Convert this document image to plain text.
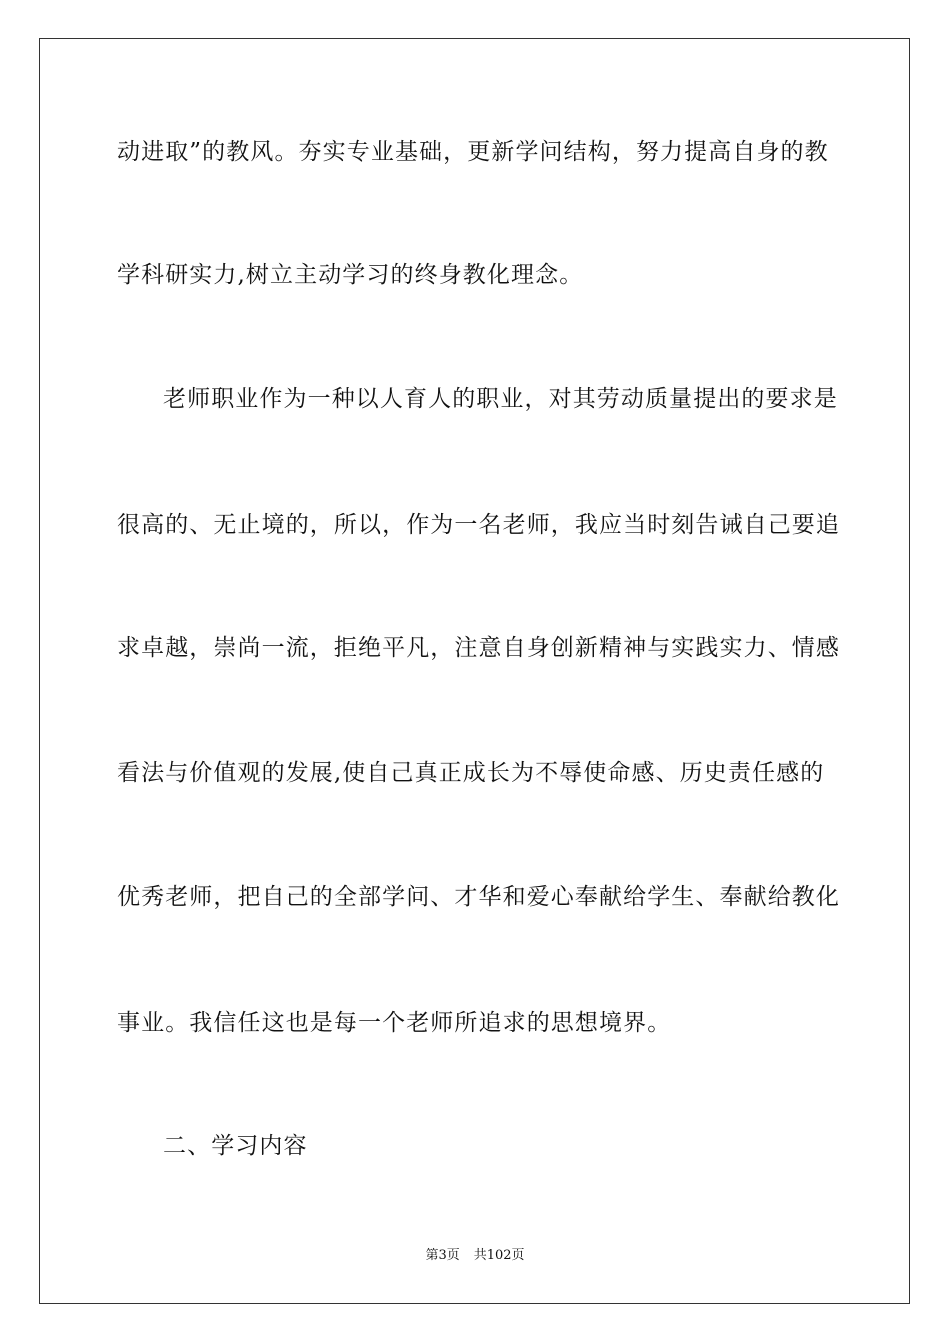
动进取”的教风。夯实专业基础，更新学问结构，努力提高自身的教
学科研实力,树立主动学习的终身教化理念。
老师职业作为一种以人育人的职业，对其劳动质量提出的要求是
很高的、无止境的，所以，作为一名老师，我应当时刻告诫自己要追
求卓越，崇尚一流，拒绝平凡，注意自身创新精神与实践实力、情感
看法与价值观的发展,使自己真正成长为不辱使命感、历史责任感的
优秀老师，把自己的全部学问、才华和爱心奉献给学生、奉献给教化
事业。我信任这也是每一个老师所追求的思想境界。
二、学习内容
第3页 共102页
